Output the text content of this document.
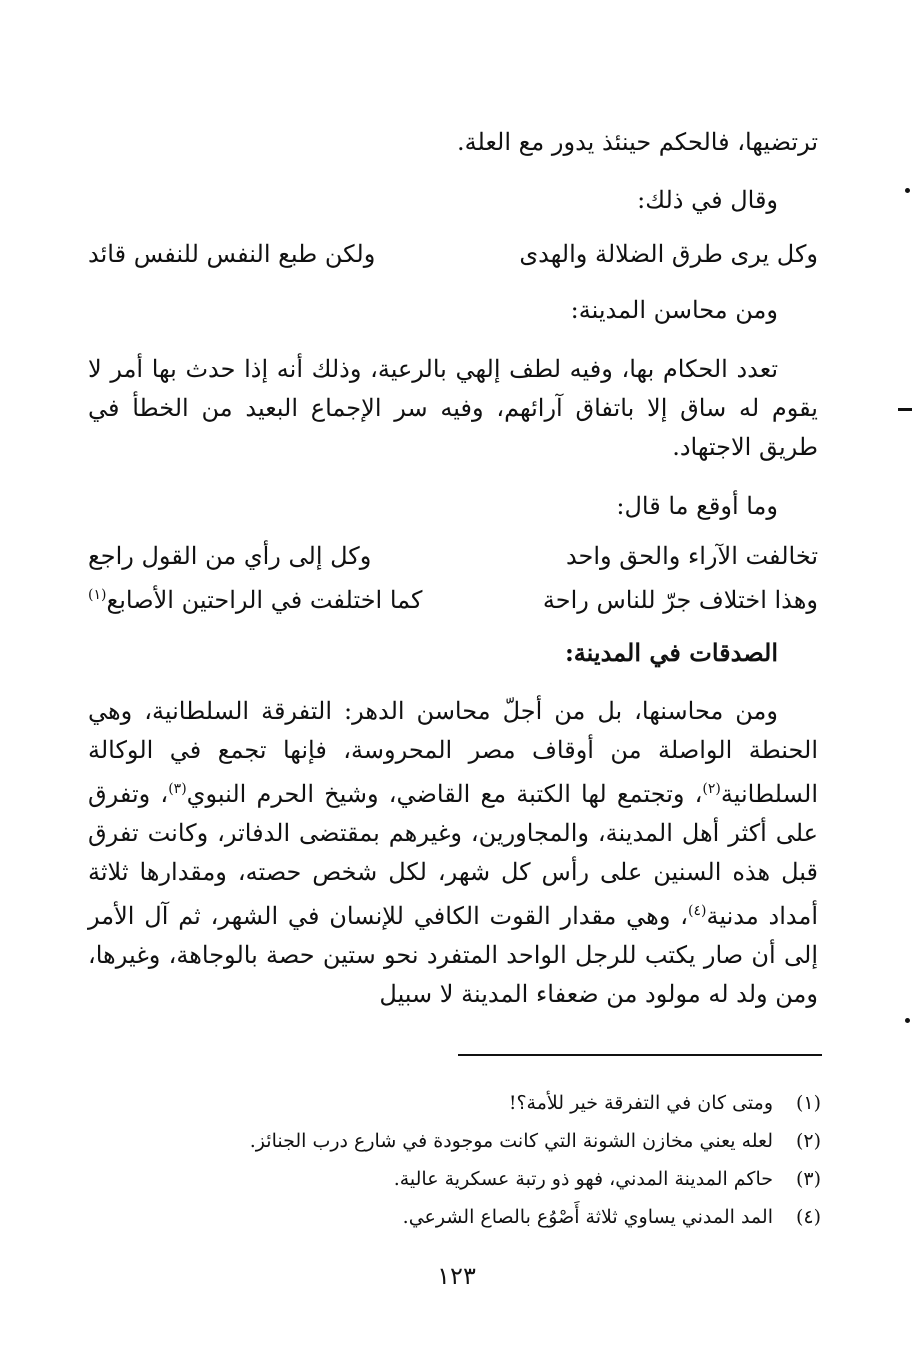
ترتضيها، فالحكم حينئذ يدور مع العلة.
وقال في ذلك:
وكل يرى طرق الضلالة والهدى
ولكن طبع النفس للنفس قائد
ومن محاسن المدينة:
تعدد الحكام بها، وفيه لطف إلهي بالرعية، وذلك أنه إذا حدث بها أمر لا يقوم له ساق إلا باتفاق آرائهم، وفيه سر الإجماع البعيد من الخطأ في طريق الاجتهاد.
وما أوقع ما قال:
تخالفت الآراء والحق واحد
وكل إلى رأي من القول راجع
وهذا اختلاف جرّ للناس راحة
كما اختلفت في الراحتين الأصابع$^{(١)}$
الصدقات في المدينة:
ومن محاسنها، بل من أجلّ محاسن الدهر: التفرقة السلطانية، وهي الحنطة الواصلة من أوقاف مصر المحروسة، فإنها تجمع في الوكالة السلطانية$^{(٢)}$، وتجتمع لها الكتبة مع القاضي، وشيخ الحرم النبوي$^{(٣)}$، وتفرق على أكثر أهل المدينة، والمجاورين، وغيرهم بمقتضى الدفاتر، وكانت تفرق قبل هذه السنين على رأس كل شهر، لكل شخص حصته، ومقدارها ثلاثة أمداد مدنية$^{(٤)}$، وهي مقدار القوت الكافي للإنسان في الشهر، ثم آل الأمر إلى أن صار يكتب للرجل الواحد المتفرد نحو ستين حصة بالوجاهة، وغيرها، ومن ولد له مولود من ضعفاء المدينة لا سبيل
(١)ومتى كان في التفرقة خير للأمة؟!
(٢)لعله يعني مخازن الشونة التي كانت موجودة في شارع درب الجنائز.
(٣)حاكم المدينة المدني، فهو ذو رتبة عسكرية عالية.
(٤)المد المدني يساوي ثلاثة أَصْوُع بالصاع الشرعي.
١٢٣
